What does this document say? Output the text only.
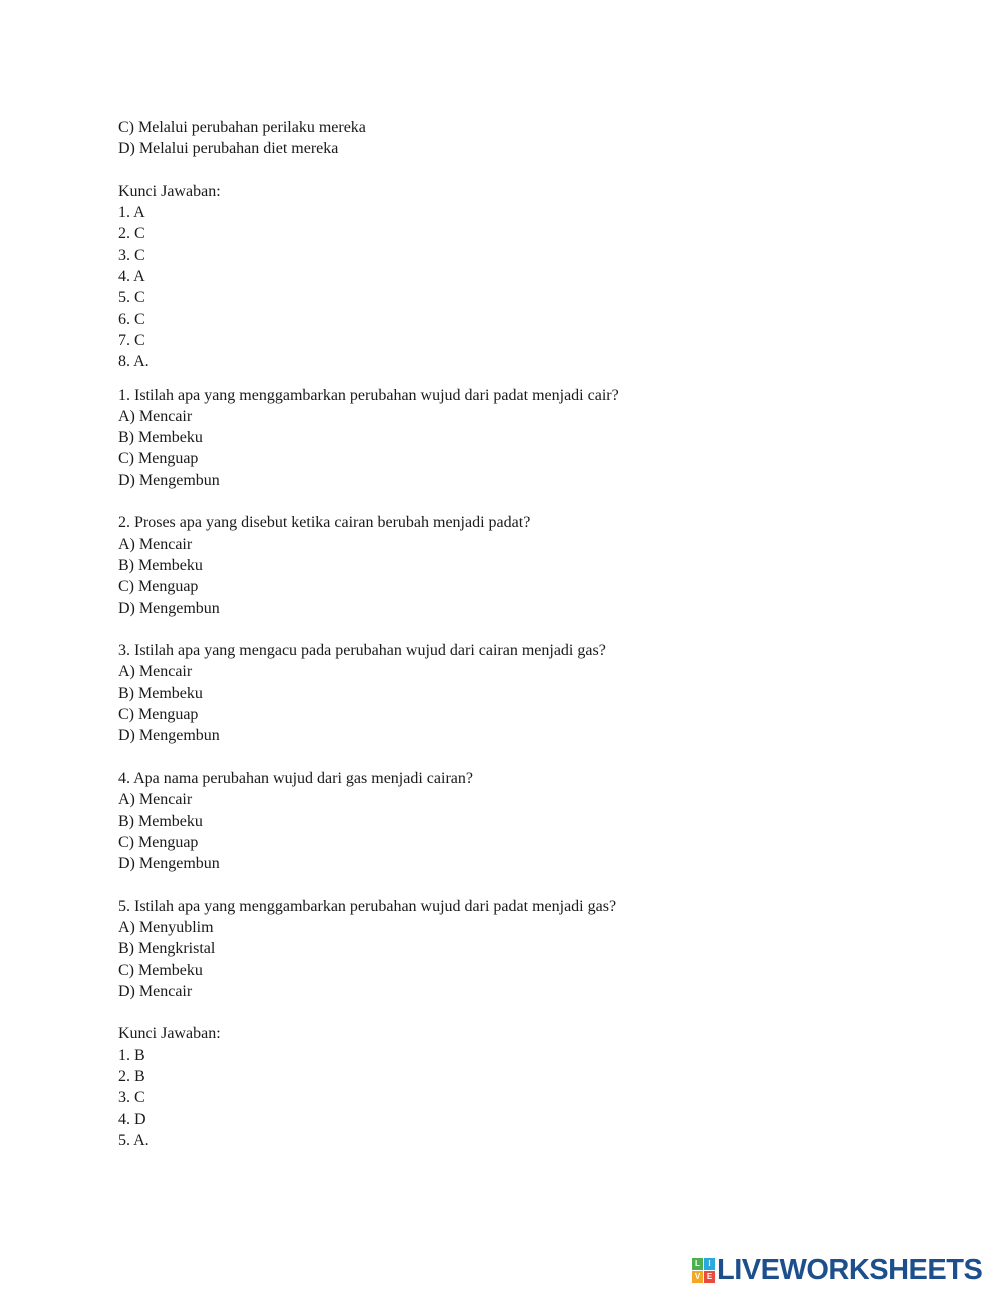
C) Melalui perubahan perilaku mereka
D) Melalui perubahan diet mereka
Kunci Jawaban:
1. A
2. C
3. C
4. A
5. C
6. C
7. C
8. A.
1. Istilah apa yang menggambarkan perubahan wujud dari padat menjadi cair?
A) Mencair
B) Membeku
C) Menguap
D) Mengembun
2. Proses apa yang disebut ketika cairan berubah menjadi padat?
A) Mencair
B) Membeku
C) Menguap
D) Mengembun
3. Istilah apa yang mengacu pada perubahan wujud dari cairan menjadi gas?
A) Mencair
B) Membeku
C) Menguap
D) Mengembun
4. Apa nama perubahan wujud dari gas menjadi cairan?
A) Mencair
B) Membeku
C) Menguap
D) Mengembun
5. Istilah apa yang menggambarkan perubahan wujud dari padat menjadi gas?
A) Menyublim
B) Mengkristal
C) Membeku
D) Mencair
Kunci Jawaban:
1. B
2. B
3. C
4. D
5. A.
L	I
V E LIVEWORKSHEETS
